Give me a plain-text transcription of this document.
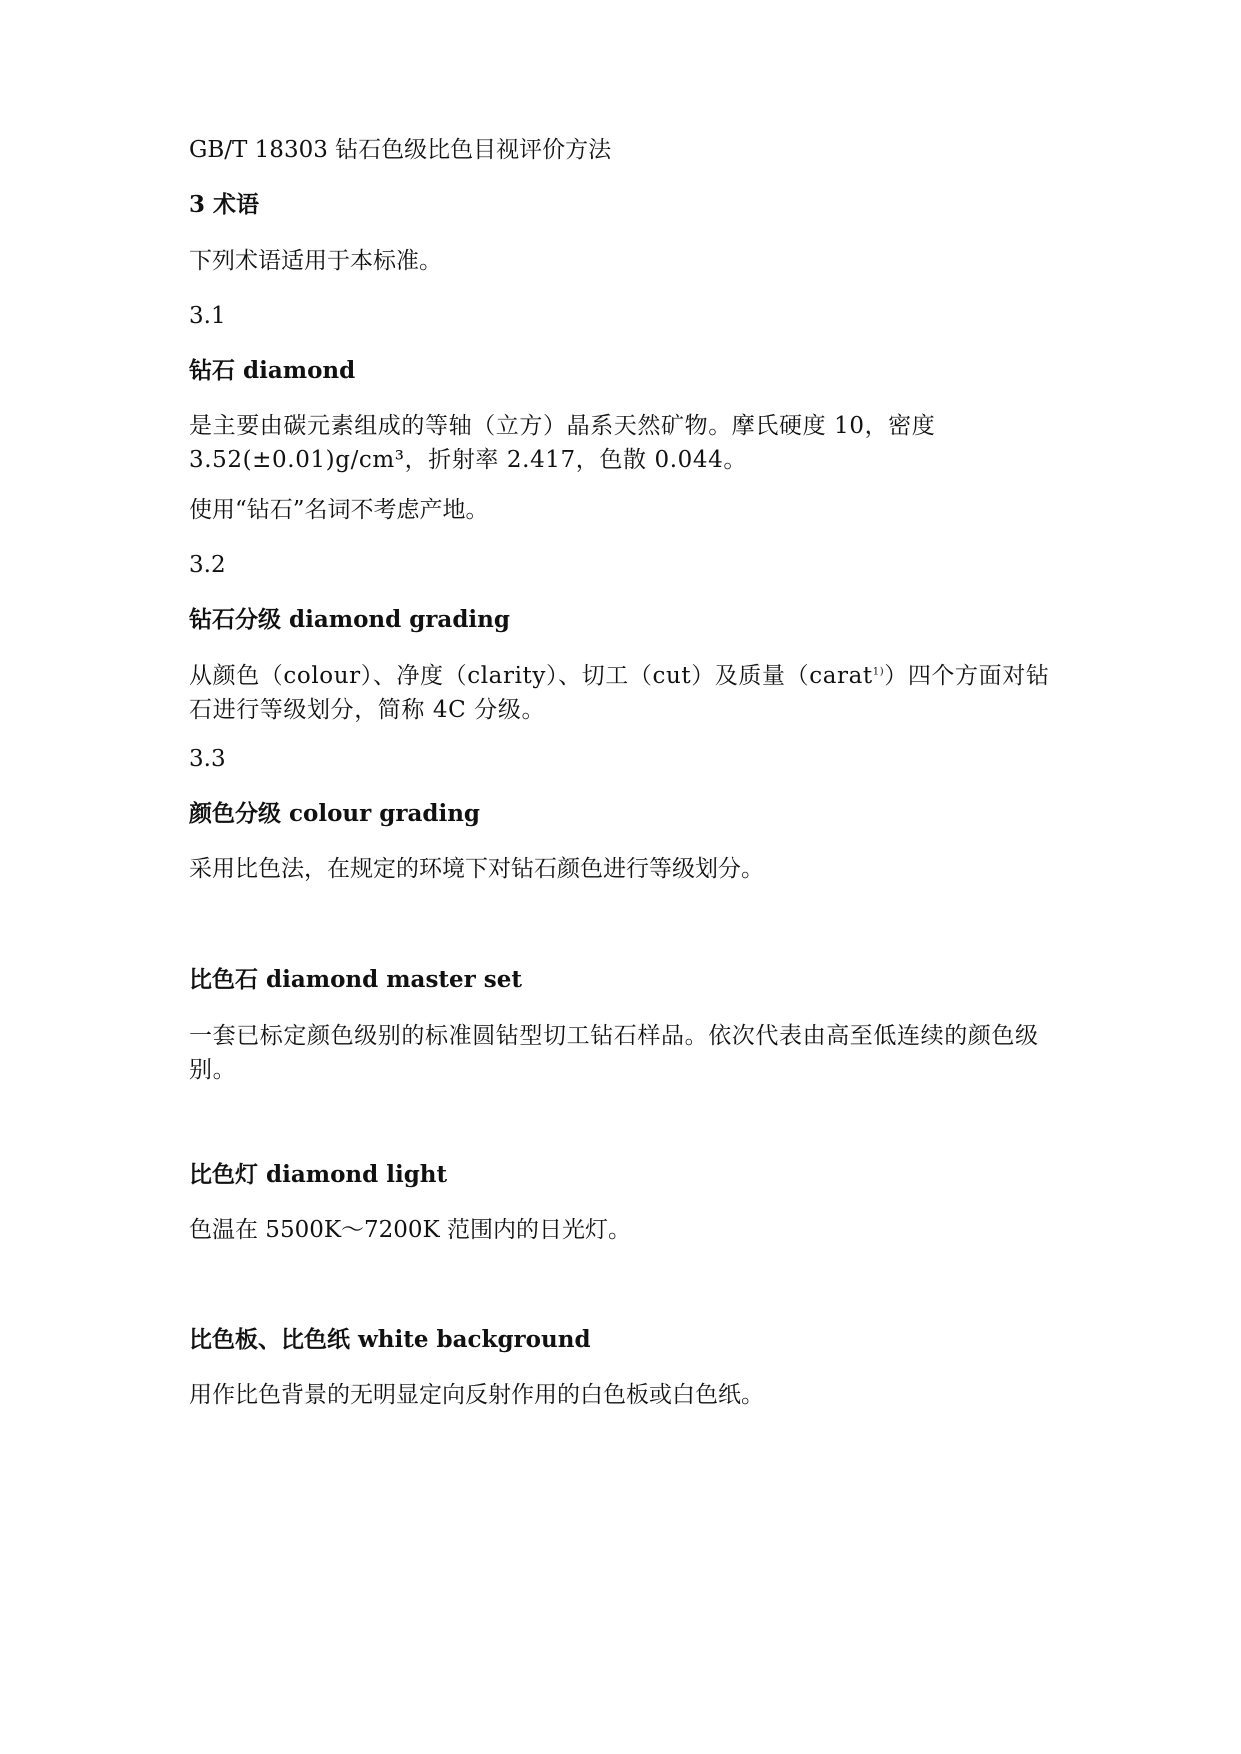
GB/T 18303 钻石色级比色目视评价方法

3 术语

下列术语适用于本标准。

3.1

钻石 diamond

是主要由碳元素组成的等轴（立方）晶系天然矿物。摩氏硬度 10，密度 3.52(±0.01)g/cm³，折射率 2.417，色散 0.044。

使用“钻石”名词不考虑产地。

3.2

钻石分级 diamond grading

从颜色（colour）、净度（clarity）、切工（cut）及质量（carat$^{1)}$）四个方面对钻石进行等级划分，简称 4C 分级。

3.3

颜色分级 colour grading

采用比色法，在规定的环境下对钻石颜色进行等级划分。

比色石 diamond master set

一套已标定颜色级别的标准圆钻型切工钻石样品。依次代表由高至低连续的颜色级别。

比色灯 diamond light

色温在 5500K～7200K 范围内的日光灯。

比色板、比色纸 white background

用作比色背景的无明显定向反射作用的白色板或白色纸。
